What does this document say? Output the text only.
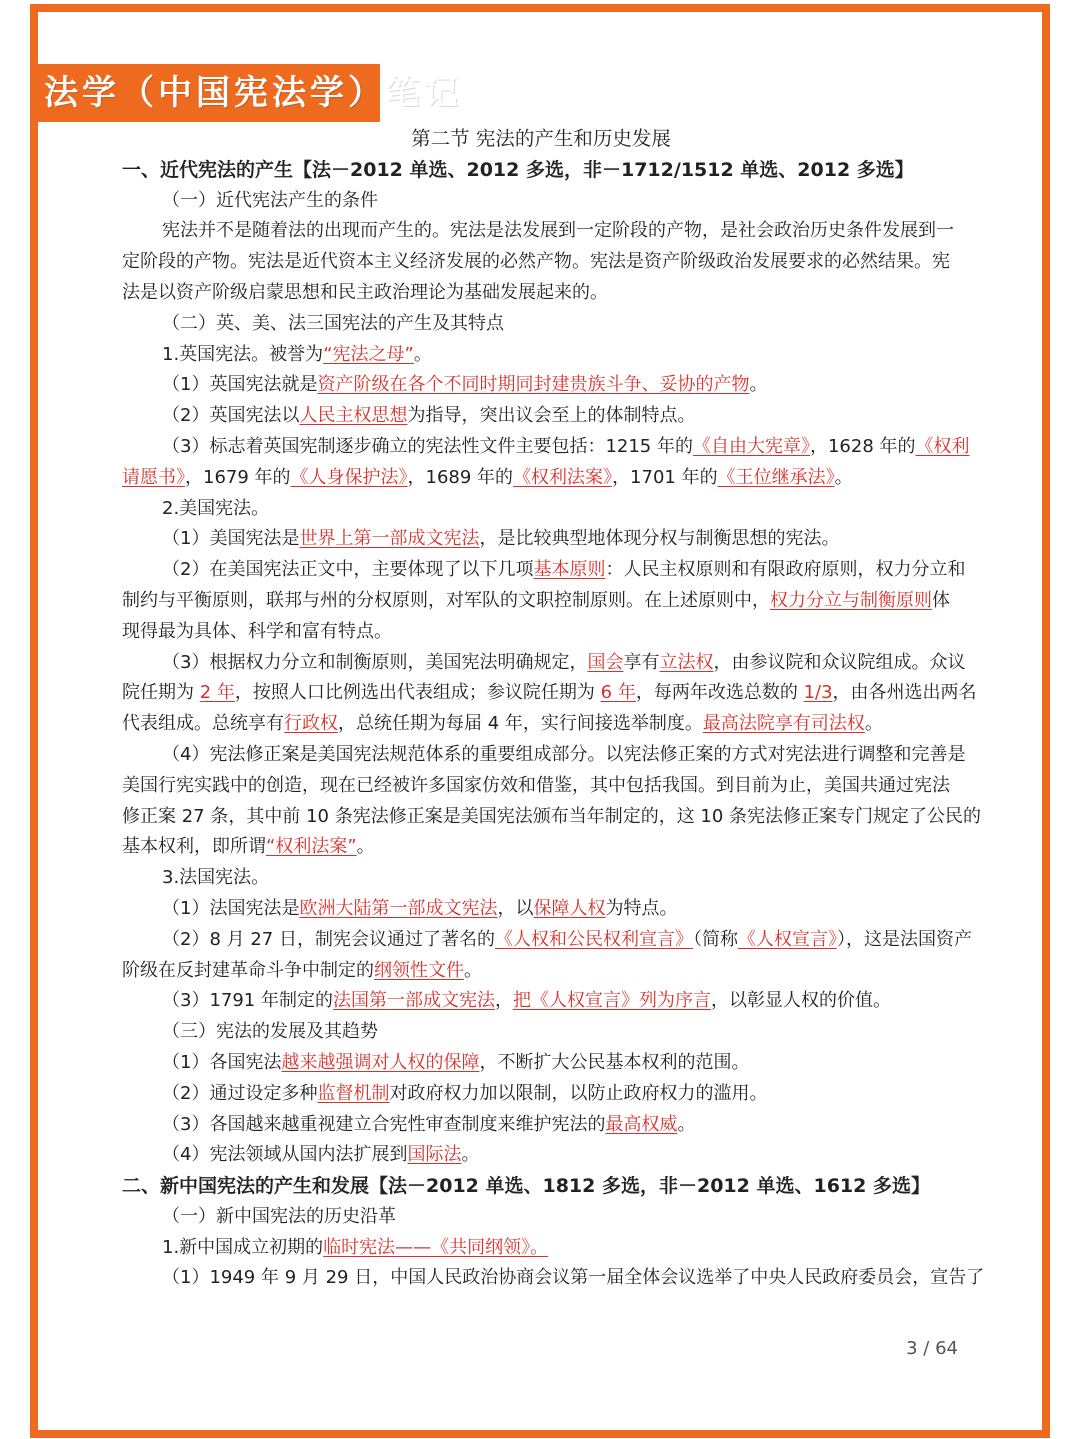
法学（中国宪法学）笔记
第二节 宪法的产生和历史发展
一、近代宪法的产生【法－2012 单选、2012 多选，非－1712/1512 单选、2012 多选】
（一）近代宪法产生的条件
宪法并不是随着法的出现而产生的。宪法是法发展到一定阶段的产物，是社会政治历史条件发展到一
定阶段的产物。宪法是近代资本主义经济发展的必然产物。宪法是资产阶级政治发展要求的必然结果。宪
法是以资产阶级启蒙思想和民主政治理论为基础发展起来的。
（二）英、美、法三国宪法的产生及其特点
1.英国宪法。被誉为“宪法之母”。
（1）英国宪法就是资产阶级在各个不同时期同封建贵族斗争、妥协的产物。
（2）英国宪法以人民主权思想为指导，突出议会至上的体制特点。
（3）标志着英国宪制逐步确立的宪法性文件主要包括：1215 年的《自由大宪章》，1628 年的《权利
请愿书》，1679 年的《人身保护法》，1689 年的《权利法案》，1701 年的《王位继承法》。
2.美国宪法。
（1）美国宪法是世界上第一部成文宪法，是比较典型地体现分权与制衡思想的宪法。
（2）在美国宪法正文中，主要体现了以下几项基本原则：人民主权原则和有限政府原则，权力分立和
制约与平衡原则，联邦与州的分权原则，对军队的文职控制原则。在上述原则中，权力分立与制衡原则体
现得最为具体、科学和富有特点。
（3）根据权力分立和制衡原则，美国宪法明确规定，国会享有立法权，由参议院和众议院组成。众议
院任期为 2 年，按照人口比例选出代表组成；参议院任期为 6 年，每两年改选总数的 1/3，由各州选出两名
代表组成。总统享有行政权，总统任期为每届 4 年，实行间接选举制度。最高法院享有司法权。
（4）宪法修正案是美国宪法规范体系的重要组成部分。以宪法修正案的方式对宪法进行调整和完善是
美国行宪实践中的创造，现在已经被许多国家仿效和借鉴，其中包括我国。到目前为止，美国共通过宪法
修正案 27 条，其中前 10 条宪法修正案是美国宪法颁布当年制定的，这 10 条宪法修正案专门规定了公民的
基本权利，即所谓“权利法案”。
3.法国宪法。
（1）法国宪法是欧洲大陆第一部成文宪法，以保障人权为特点。
（2）8 月 27 日，制宪会议通过了著名的《人权和公民权利宣言》（简称《人权宣言》），这是法国资产
阶级在反封建革命斗争中制定的纲领性文件。
（3）1791 年制定的法国第一部成文宪法，把《人权宣言》列为序言，以彰显人权的价值。
（三）宪法的发展及其趋势
（1）各国宪法越来越强调对人权的保障，不断扩大公民基本权利的范围。
（2）通过设定多种监督机制对政府权力加以限制，以防止政府权力的滥用。
（3）各国越来越重视建立合宪性审查制度来维护宪法的最高权威。
（4）宪法领域从国内法扩展到国际法。
二、新中国宪法的产生和发展【法－2012 单选、1812 多选，非－2012 单选、1612 多选】
（一）新中国宪法的历史沿革
1.新中国成立初期的临时宪法——《共同纲领》。
（1）1949 年 9 月 29 日，中国人民政治协商会议第一届全体会议选举了中央人民政府委员会，宣告了
3 / 64
